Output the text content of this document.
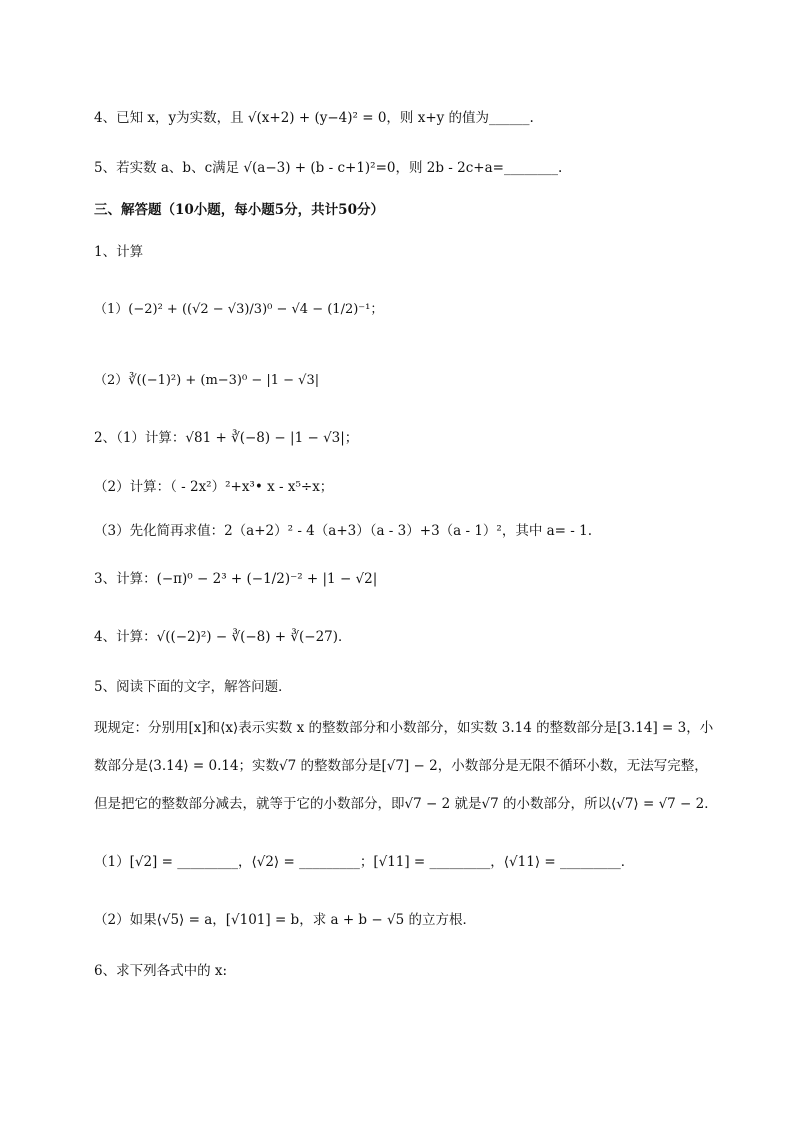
4、已知 x，y为实数，且 √(x+2) + (y−4)² = 0，则 x+y 的值为______.
5、若实数 a、b、c满足 √(a−3) + (b - c+1)²=0，则 2b - 2c+a=________.
三、解答题（10小题，每小题5分，共计50分）
1、计算
（1）(−2)² + ((√2 − √3)/3)⁰ − √4 − (1/2)⁻¹；
（2）∛((−1)²) + (m−3)⁰ − |1 − √3|
2、（1）计算：√81 + ∛(−8) − |1 − √3|；
（2）计算：（ - 2x²）²+x³• x - x⁵÷x；
（3）先化简再求值：2（a+2）² - 4（a+3）（a - 3）+3（a - 1）²，其中 a= - 1.
3、计算：(−π)⁰ − 2³ + (−1/2)⁻² + |1 − √2|
4、计算：√((−2)²) − ∛(−8) + ∛(−27)．
5、阅读下面的文字，解答问题．
现规定：分别用[x]和⟨x⟩表示实数 x 的整数部分和小数部分，如实数 3.14 的整数部分是[3.14] = 3，小
数部分是⟨3.14⟩ = 0.14；实数√7 的整数部分是[√7] − 2，小数部分是无限不循环小数，无法写完整，
但是把它的整数部分减去，就等于它的小数部分，即√7 − 2 就是√7 的小数部分，所以⟨√7⟩ = √7 − 2．
（1）[√2] = _________，⟨√2⟩ = _________；[√11] = _________，⟨√11⟩ = _________．
（2）如果⟨√5⟩ = a，[√101] = b，求 a + b − √5 的立方根．
6、求下列各式中的 x:
